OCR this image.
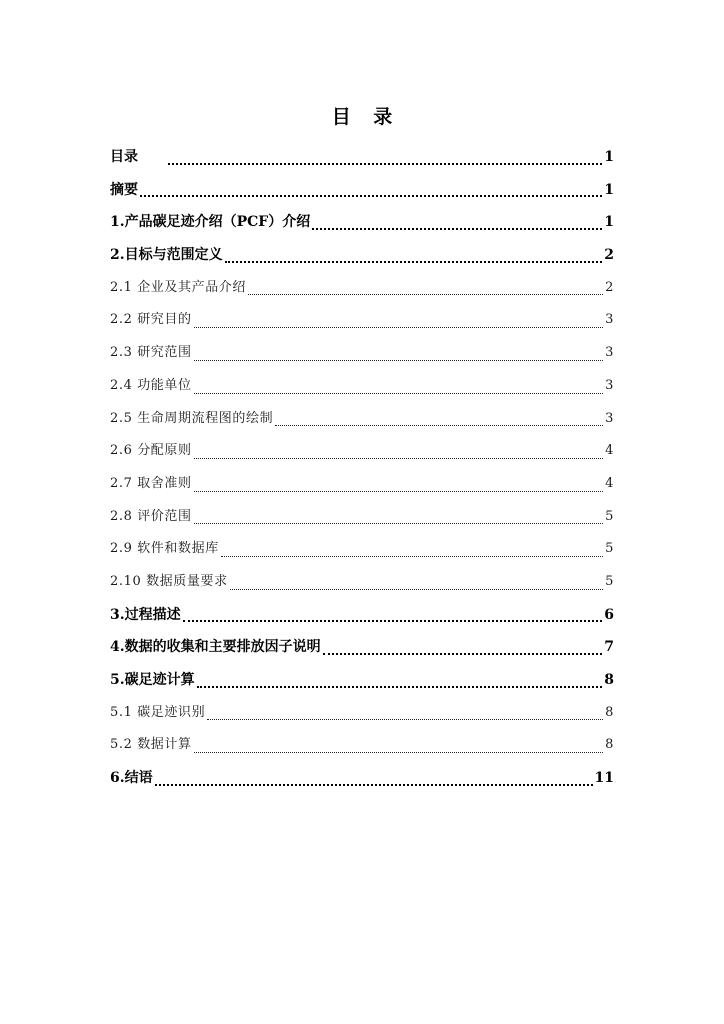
目 录
目录	1
摘要	1
1.产品碳足迹介绍（PCF）介绍	1
2.目标与范围定义	2
2.1 企业及其产品介绍	2
2.2 研究目的	3
2.3 研究范围	3
2.4 功能单位	3
2.5 生命周期流程图的绘制	3
2.6 分配原则	4
2.7 取舍准则	4
2.8 评价范围	5
2.9 软件和数据库	5
2.10 数据质量要求	5
3.过程描述	6
4.数据的收集和主要排放因子说明	7
5.碳足迹计算	8
5.1 碳足迹识别	8
5.2 数据计算	8
6.结语	11
